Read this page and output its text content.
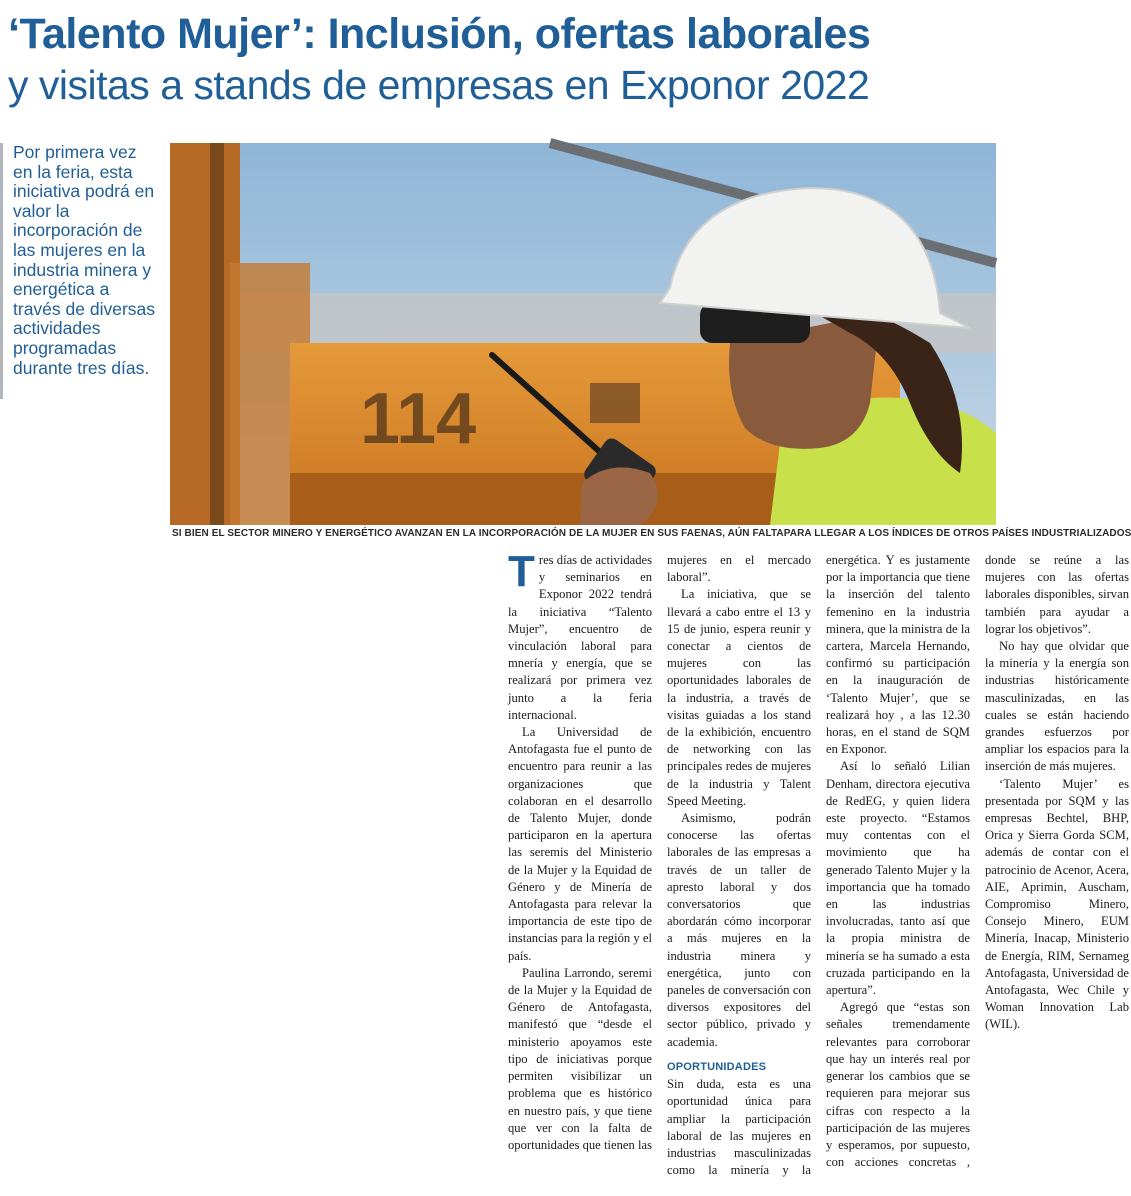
‘Talento Mujer’: Inclusión, ofertas laborales
y visitas a stands de empresas en Exponor 2022

Por primera vez en la feria, esta iniciativa podrá en valor la incorporación de las mujeres en la industria minera y energética a través de diversas actividades programadas durante tres días.

114
SI BIEN EL SECTOR MINERO Y ENERGÉTICO AVANZAN EN LA INCORPORACIÓN DE LA MUJER EN SUS FAENAS, AÚN FALTAPARA LLEGAR A LOS ÍNDICES DE OTROS PAÍSES INDUSTRIALIZADOS

Tres días de actividades y seminarios en Exponor 2022 tendrá la iniciativa “Talento Mujer”, encuentro de vinculación laboral para mnería y energía, que se realizará por primera vez junto a la feria internacional.

La Universidad de Antofagasta fue el punto de encuentro para reunir a las organizaciones que colaboran en el desarrollo de Talento Mujer, donde participaron en la apertura las seremis del Ministerio de la Mujer y la Equidad de Género y de Minería de Antofagasta para relevar la importancia de este tipo de instancias para la región y el país.

Paulina Larrondo, seremi de la Mujer y la Equidad de Género de Antofagasta, manifestó que “desde el ministerio apoyamos este tipo de iniciativas porque permiten visibilizar un problema que es histórico en nuestro país, y que tiene que ver con la falta de oportunidades que tienen las mujeres en el mercado laboral”.

La iniciativa, que se llevará a cabo entre el 13 y 15 de junio, espera reunir y conectar a cientos de mujeres con las oportunidades laborales de la industria, a través de visitas guiadas a los stand de la exhibición, encuentro de networking con las principales redes de mujeres de la industria y Talent Speed Meeting.

Asimismo, podrán conocerse las ofertas laborales de las empresas a través de un taller de apresto laboral y dos conversatorios que abordarán cómo incorporar a más mujeres en la industria minera y energética, junto con paneles de conversación con diversos expositores del sector público, privado y academia.

OPORTUNIDADES

Sin duda, esta es una oportunidad única para ampliar la participación laboral de las mujeres en industrias masculinizadas como la minería y la energética. Y es justamente por la importancia que tiene la inserción del talento femenino en la industria minera, que la ministra de la cartera, Marcela Hernando, confirmó su participación en la inauguración de ‘Talento Mujer’, que se realizará hoy , a las 12.30 horas, en el stand de SQM en Exponor.

Así lo señaló Lilian Denham, directora ejecutiva de RedEG, y quien lidera este proyecto. “Estamos muy contentas con el movimiento que ha generado Talento Mujer y la importancia que ha tomado en las industrias involucradas, tanto así que la propia ministra de minería se ha sumado a esta cruzada participando en la apertura”.

Agregó que “estas son señales tremendamente relevantes para corroborar que hay un interés real por generar los cambios que se requieren para mejorar sus cifras con respecto a la participación de las mujeres y esperamos, por supuesto, con acciones concretas , donde se reúne a las mujeres con las ofertas laborales disponibles, sirvan también para ayudar a lograr los objetivos”.

No hay que olvidar que la minería y la energía son industrias históricamente masculinizadas, en las cuales se están haciendo grandes esfuerzos por ampliar los espacios para la inserción de más mujeres.

‘Talento Mujer’ es presentada por SQM y las empresas Bechtel, BHP, Orica y Sierra Gorda SCM, además de contar con el patrocinio de Acenor, Acera, AIE, Aprimin, Auscham, Compromiso Minero, Consejo Minero, EUM Minería, Inacap, Ministerio de Energía, RIM, Sernameg Antofagasta, Universidad de Antofagasta, Wec Chile y Woman Innovation Lab (WIL).
